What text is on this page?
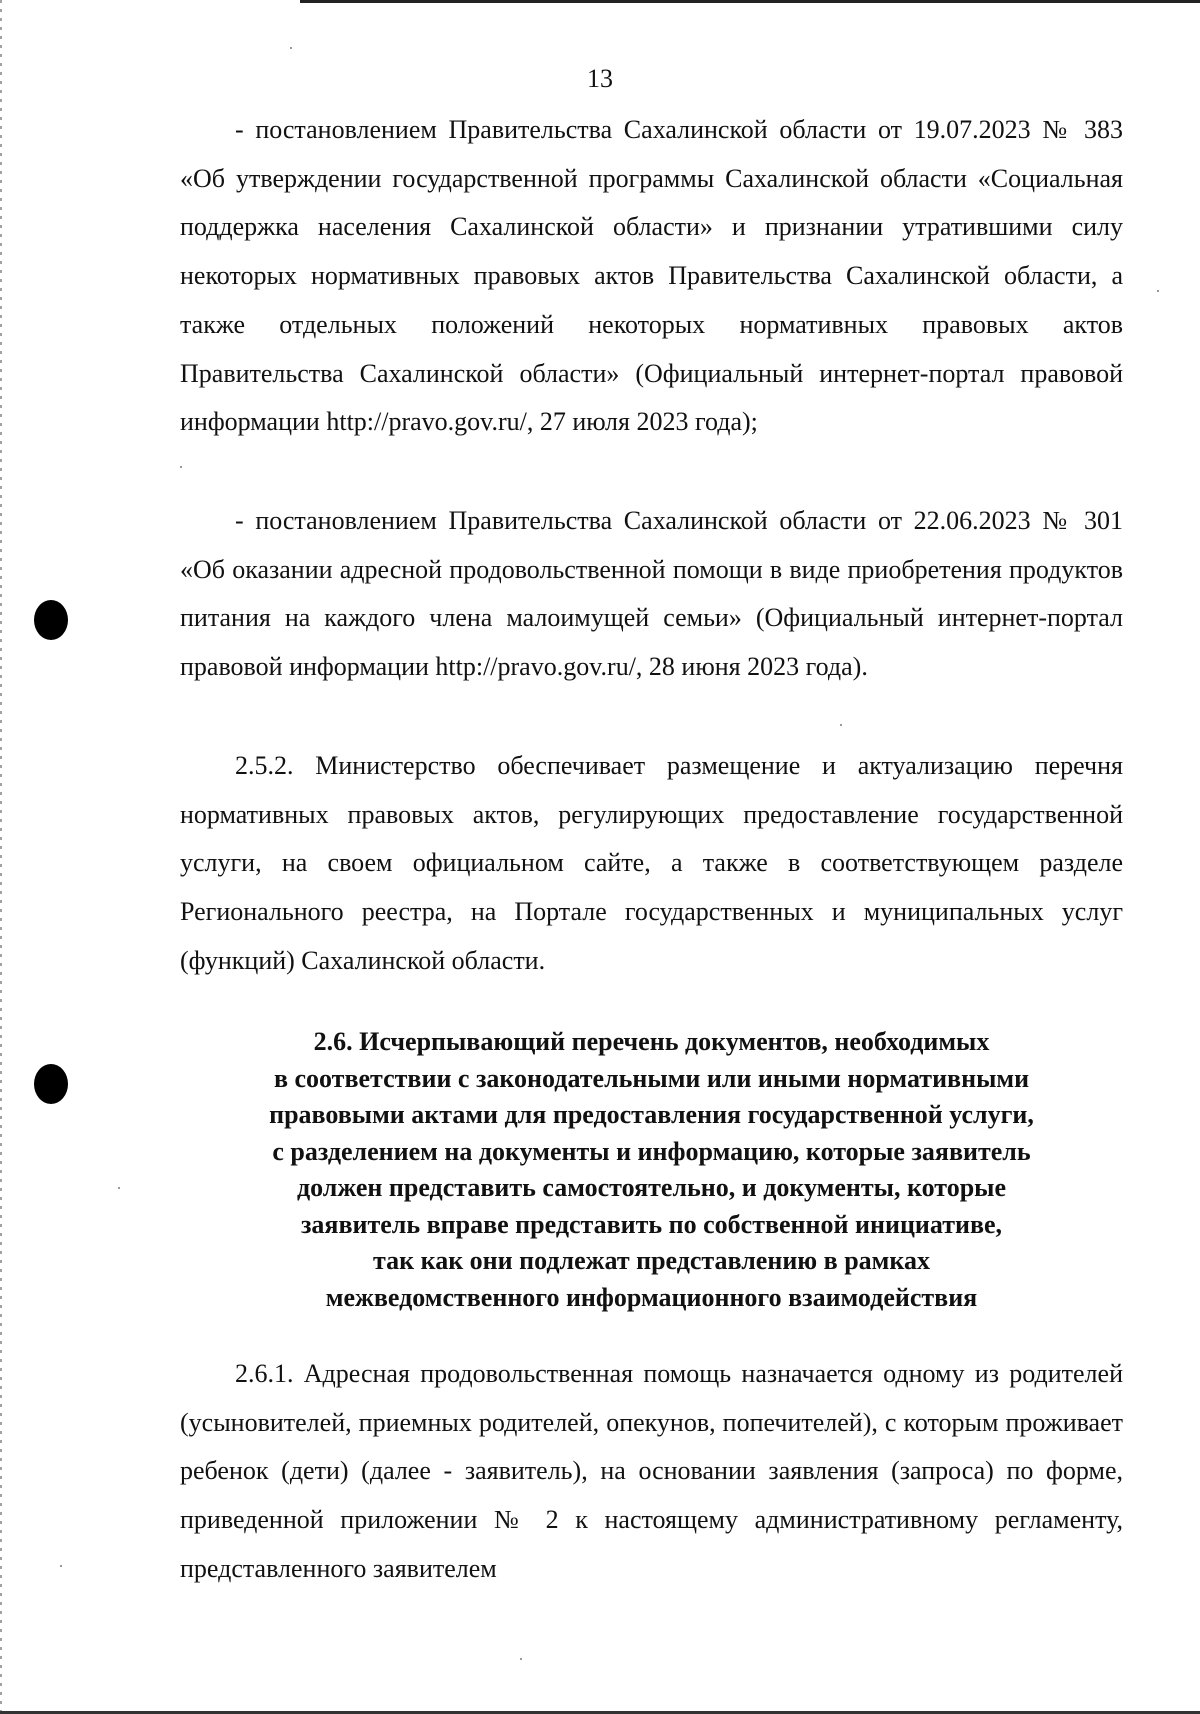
13

- постановлением Правительства Сахалинской области от 19.07.2023 № 383 «Об утверждении государственной программы Сахалинской области «Социальная поддержка населения Сахалинской области» и признании утратившими силу некоторых нормативных правовых актов Правительства Сахалинской области, а также отдельных положений некоторых нормативных правовых актов Правительства Сахалинской области» (Официальный интернет-портал правовой информации http://pravo.gov.ru/, 27 июля 2023 года);

- постановлением Правительства Сахалинской области от 22.06.2023 № 301 «Об оказании адресной продовольственной помощи в виде приобретения продуктов питания на каждого члена малоимущей семьи» (Официальный интернет-портал правовой информации http://pravo.gov.ru/, 28 июня 2023 года).

2.5.2. Министерство обеспечивает размещение и актуализацию перечня нормативных правовых актов, регулирующих предоставление государственной услуги, на своем официальном сайте, а также в соответствующем разделе Регионального реестра, на Портале государственных и муниципальных услуг (функций) Сахалинской области.

2.6. Исчерпывающий перечень документов, необходимых
в соответствии с законодательными или иными нормативными
правовыми актами для предоставления государственной услуги,
с разделением на документы и информацию, которые заявитель
должен представить самостоятельно, и документы, которые
заявитель вправе представить по собственной инициативе,
так как они подлежат представлению в рамках
межведомственного информационного взаимодействия

2.6.1. Адресная продовольственная помощь назначается одному из родителей (усыновителей, приемных родителей, опекунов, попечителей), с которым проживает ребенок (дети) (далее - заявитель), на основании заявления (запроса) по форме, приведенной приложении № 2 к настоящему административному регламенту, представленного заявителем
